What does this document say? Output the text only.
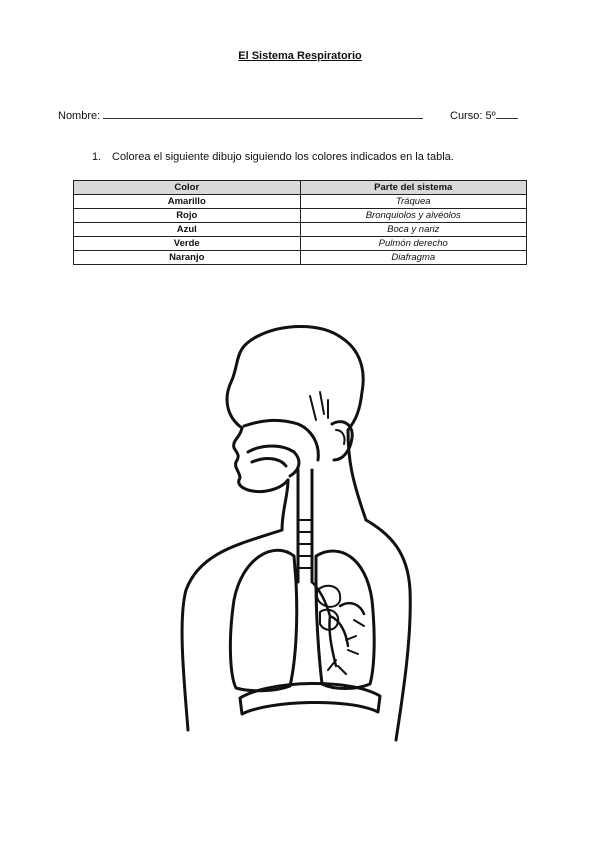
El Sistema Respiratorio
Nombre:	Curso: 5º
1. Colorea el siguiente dibujo siguiendo los colores indicados en la tabla.
Color	Parte del sistema
Amarillo	Tráquea
Rojo	Bronquiolos y alvéolos
Azul	Boca y nariz
Verde	Pulmón derecho
Naranjo	Diafragma
